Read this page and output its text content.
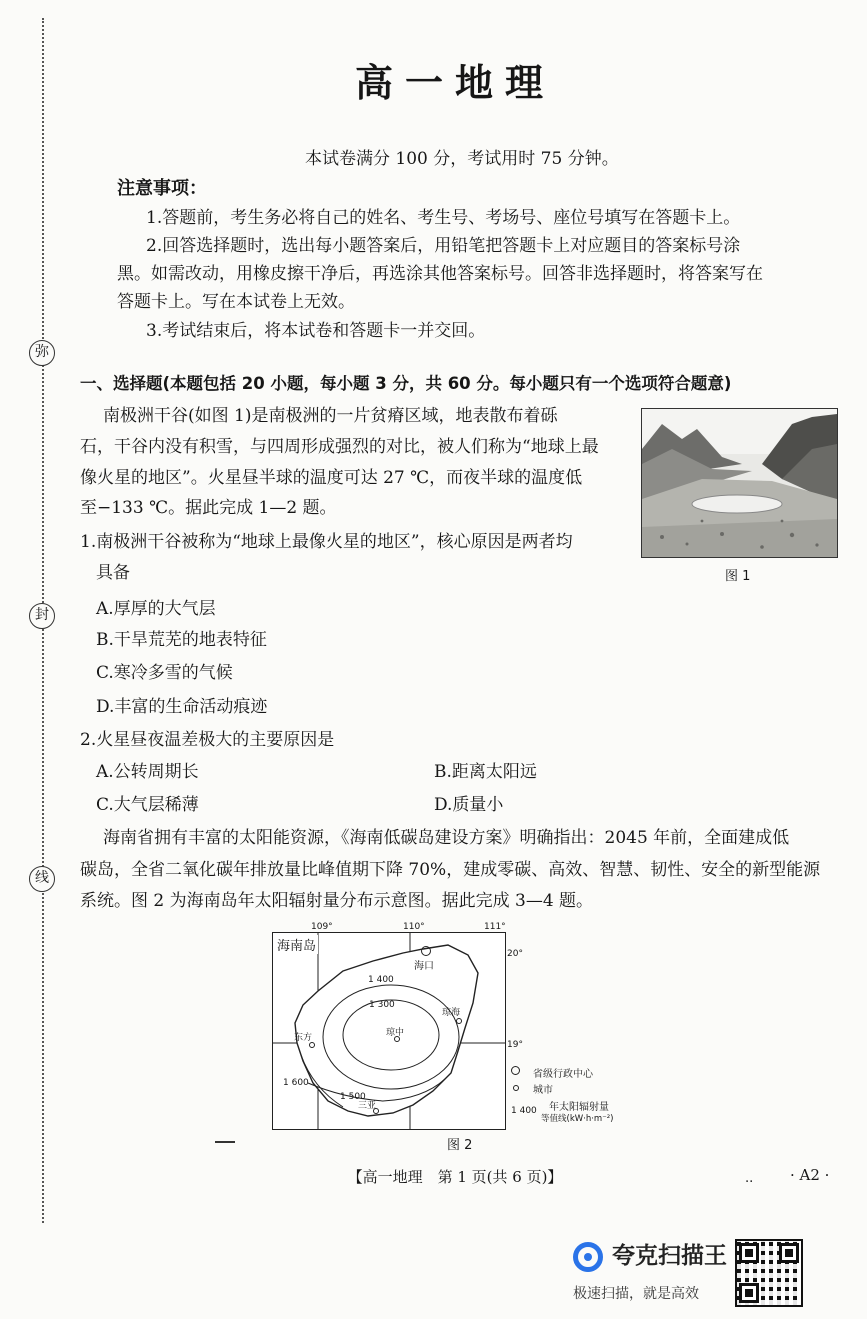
弥
封
线
高一地理
本试卷满分 100 分，考试用时 75 分钟。
注意事项：
1.答题前，考生务必将自己的姓名、考生号、考场号、座位号填写在答题卡上。
2.回答选择题时，选出每小题答案后，用铅笔把答题卡上对应题目的答案标号涂
黑。如需改动，用橡皮擦干净后，再选涂其他答案标号。回答非选择题时，将答案写在
答题卡上。写在本试卷上无效。
3.考试结束后，将本试卷和答题卡一并交回。
一、选择题(本题包括 20 小题，每小题 3 分，共 60 分。每小题只有一个选项符合题意)
南极洲干谷(如图 1)是南极洲的一片贫瘠区域，地表散布着砾
石，干谷内没有积雪，与四周形成强烈的对比，被人们称为“地球上最
像火星的地区”。火星昼半球的温度可达 27 ℃，而夜半球的温度低
至−133 ℃。据此完成 1—2 题。
图 1
1.南极洲干谷被称为“地球上最像火星的地区”，核心原因是两者均
具备
A.厚厚的大气层
B.干旱荒芜的地表特征
C.寒冷多雪的气候
D.丰富的生命活动痕迹
2.火星昼夜温差极大的主要原因是
A.公转周期长	B.距离太阳远
C.大气层稀薄	D.质量小
海南省拥有丰富的太阳能资源，《海南低碳岛建设方案》明确指出：2045 年前，全面建成低
碳岛，全省二氧化碳年排放量比峰值期下降 70%，建成零碳、高效、智慧、韧性、安全的新型能源
系统。图 2 为海南岛年太阳辐射量分布示意图。据此完成 3—4 题。
109°	110°	111°
20°
19°
海南岛
海口
琼海
琼中
东方
三亚
1 400
1 300
1 500
1 600
省级行政中心
城市
1 400 年太阳辐射量
等值线(kW·h·m⁻²)
图 2
【高一地理　第 1 页(共 6 页)】	.. · A2 ·
夸克扫描王
极速扫描，就是高效
